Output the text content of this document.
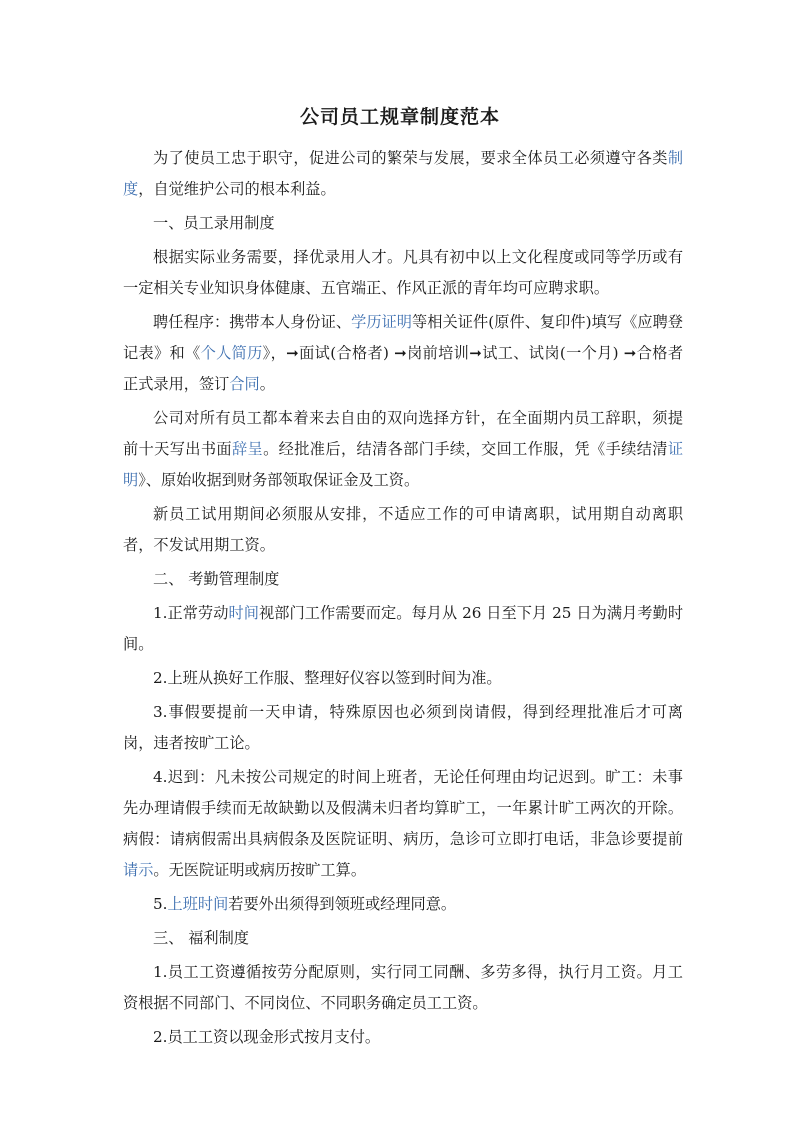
公司员工规章制度范本

为了使员工忠于职守，促进公司的繁荣与发展，要求全体员工必须遵守各类制度，自觉维护公司的根本利益。

一、员工录用制度

根据实际业务需要，择优录用人才。凡具有初中以上文化程度或同等学历或有一定相关专业知识身体健康、五官端正、作风正派的青年均可应聘求职。

聘任程序：携带本人身份证、学历证明等相关证件(原件、复印件)填写《应聘登记表》和《个人简历》，➞面试(合格者) ➞岗前培训➞试工、试岗(一个月) ➞合格者正式录用，签订合同。

公司对所有员工都本着来去自由的双向选择方针，在全面期内员工辞职，须提前十天写出书面辞呈。经批准后，结清各部门手续，交回工作服，凭《手续结清证明》、原始收据到财务部领取保证金及工资。

新员工试用期间必须服从安排，不适应工作的可申请离职，试用期自动离职者，不发试用期工资。

二、 考勤管理制度

1.正常劳动时间视部门工作需要而定。每月从 26 日至下月 25 日为满月考勤时间。

2.上班从换好工作服、整理好仪容以签到时间为准。

3.事假要提前一天申请，特殊原因也必须到岗请假，得到经理批准后才可离岗，违者按旷工论。

4.迟到：凡未按公司规定的时间上班者，无论任何理由均记迟到。旷工：未事先办理请假手续而无故缺勤以及假满未归者均算旷工，一年累计旷工两次的开除。病假：请病假需出具病假条及医院证明、病历，急诊可立即打电话，非急诊要提前请示。无医院证明或病历按旷工算。

5.上班时间若要外出须得到领班或经理同意。

三、 福利制度

1.员工工资遵循按劳分配原则，实行同工同酬、多劳多得，执行月工资。月工资根据不同部门、不同岗位、不同职务确定员工工资。

2.员工工资以现金形式按月支付。
